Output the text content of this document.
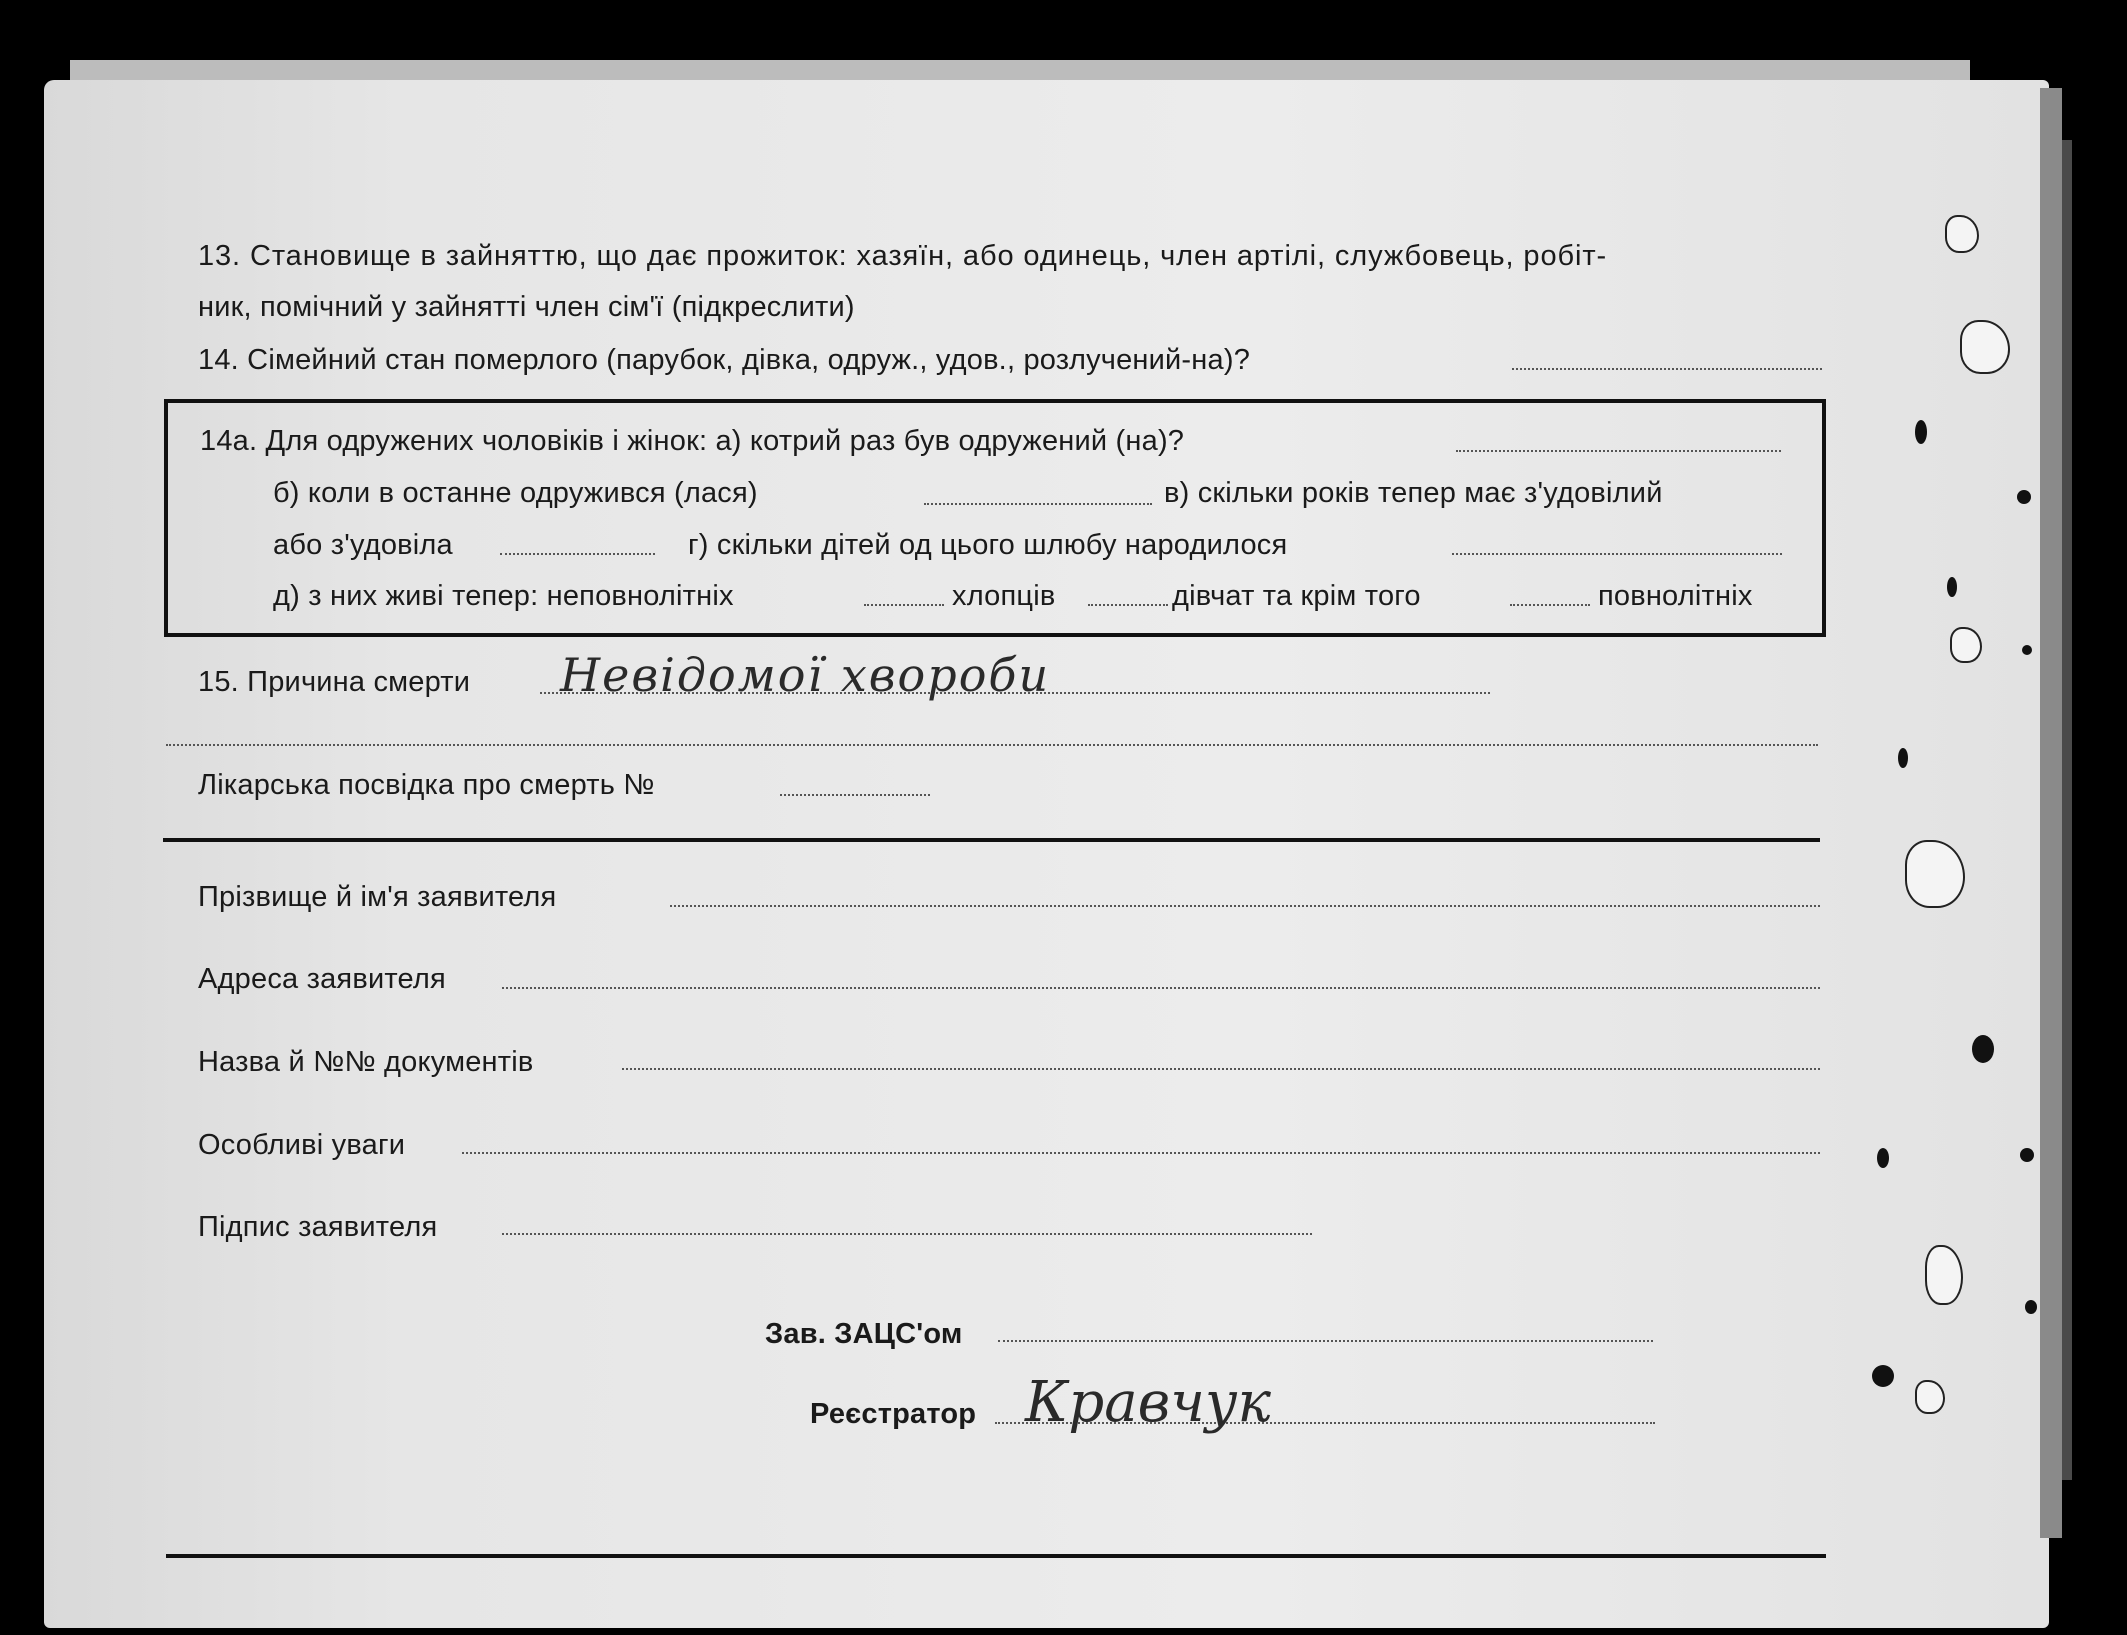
13. Становище в зайняттю, що дає прожиток: хазяїн, або одинець, член артілі, службовець, робіт-
ник, помічний у зайнятті член сім'ї (підкреслити)
14. Сімейний стан померлого (парубок, дівка, одруж., удов., розлучений-на)?
14а. Для одружених чоловіків і жінок: а) котрий раз був одружений (на)?
б) коли в останне одружився (лася)	в) скільки років тепер має з'удовілий
або з'удовіла	г) скільки дітей од цього шлюбу народилося
д) з них живі тепер: неповнолітніх	хлопців	дівчат та крім того	повнолітніх
15. Причина смерти Невідомої хвороби
Лікарська посвідка про смерть №
Прізвище й ім'я заявителя
Адреса заявителя
Назва й №№ документів
Особливі уваги
Підпис заявителя
Зав. ЗАЦС'ом
Реєстратор Кравчук
